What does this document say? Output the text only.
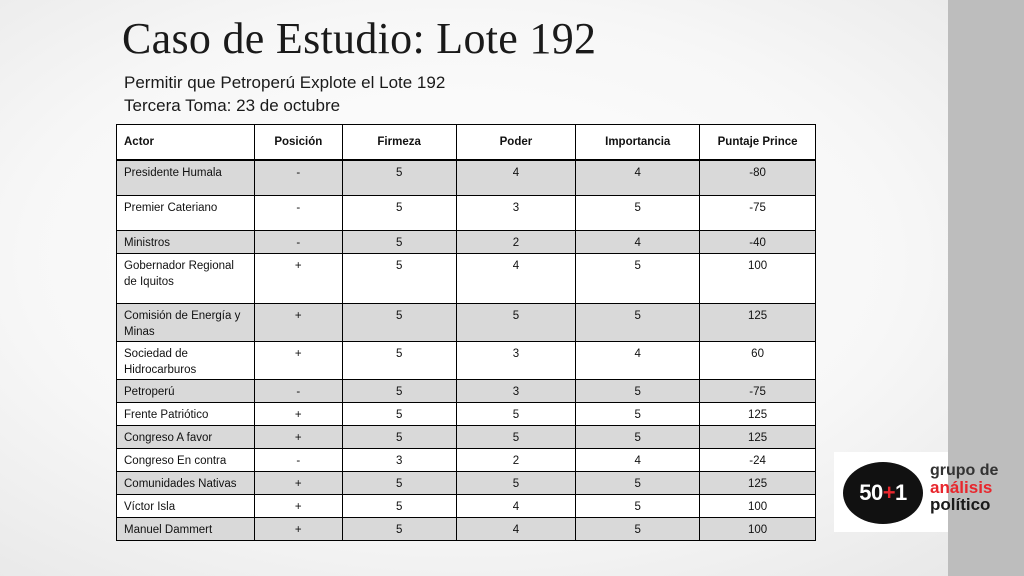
Caso de Estudio: Lote 192
Permitir que Petroperú Explote el Lote 192
Tercera Toma: 23 de octubre
Actor	Posición	Firmeza	Poder	Importancia	Puntaje Prince
Presidente Humala	-	5	4	4	-80
Premier Cateriano	-	5	3	5	-75
Ministros	-	5	2	4	-40
Gobernador Regional de Iquitos	+	5	4	5	100
Comisión de Energía y Minas	+	5	5	5	125
Sociedad de Hidrocarburos	+	5	3	4	60
Petroperú	-	5	3	5	-75
Frente Patriótico	+	5	5	5	125
Congreso A favor	+	5	5	5	125
Congreso En contra	-	3	2	4	-24
Comunidades Nativas	+	5	5	5	125
Víctor Isla	+	5	4	5	100
Manuel Dammert	+	5	4	5	100
50+1
grupo de
análisis
político
